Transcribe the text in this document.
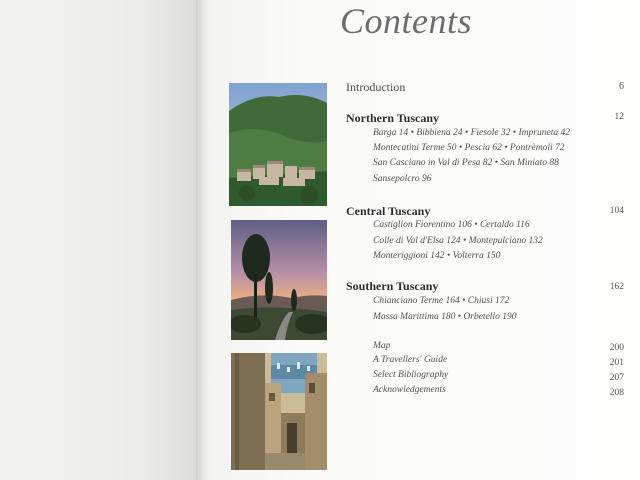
Contents
Introduction	6
Northern Tuscany	12
Barga 14 • Bibbiena 24 • Fiesole 32 • Impruneta 42
Montecatini Terme 50 • Pescia 62 • Pontrèmoli 72
San Casciano in Val di Pesa 82 • San Miniato 88
Sansepolcro 96
Central Tuscany	104
Castiglion Fiorentino 106 • Certaldo 116
Colle di Val d'Elsa 124 • Montepulciano 132
Monteriggioni 142 • Volterra 150
Southern Tuscany	162
Chianciano Terme 164 • Chiusi 172
Massa Marittima 180 • Orbetello 190
Map	200
A Travellers' Guide	201
Select Bibliography	207
Acknowledgements	208
